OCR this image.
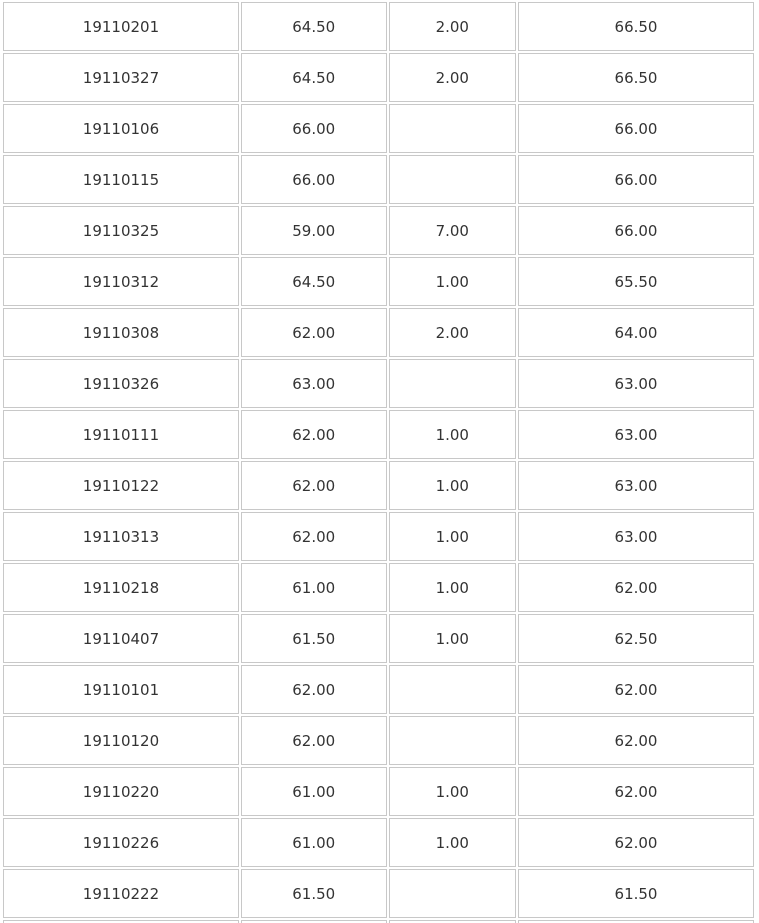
19110201	64.50	2.00	66.50
19110327	64.50	2.00	66.50
19110106	66.00		66.00
19110115	66.00		66.00
19110325	59.00	7.00	66.00
19110312	64.50	1.00	65.50
19110308	62.00	2.00	64.00
19110326	63.00		63.00
19110111	62.00	1.00	63.00
19110122	62.00	1.00	63.00
19110313	62.00	1.00	63.00
19110218	61.00	1.00	62.00
19110407	61.50	1.00	62.50
19110101	62.00		62.00
19110120	62.00		62.00
19110220	61.00	1.00	62.00
19110226	61.00	1.00	62.00
19110222	61.50		61.50
